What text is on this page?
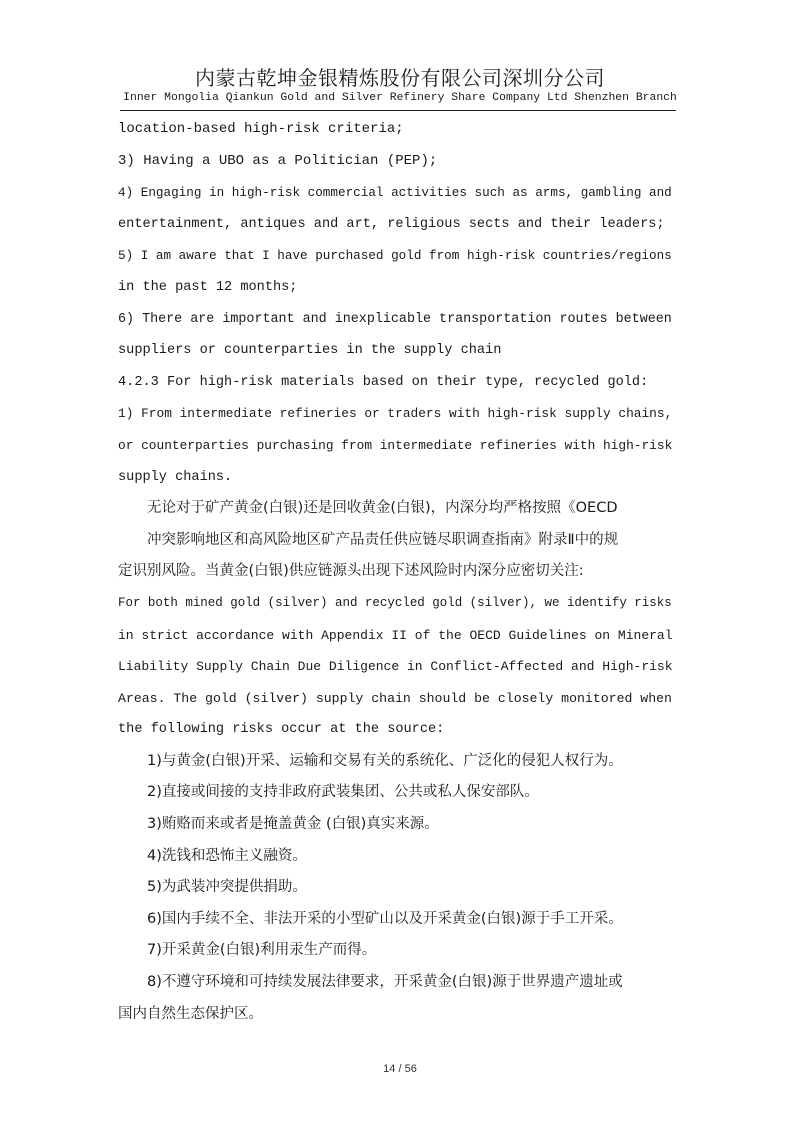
内蒙古乾坤金银精炼股份有限公司深圳分公司
Inner Mongolia Qiankun Gold and Silver Refinery Share Company Ltd Shenzhen Branch

location-based high-risk criteria;

3) Having a UBO as a Politician (PEP);

4) Engaging in high-risk commercial activities such as arms, gambling and

entertainment, antiques and art, religious sects and their leaders;

5) I am aware that I have purchased gold from high-risk countries/regions

in the past 12 months;

6) There are important and inexplicable transportation routes between

suppliers or counterparties in the supply chain

4.2.3 For high-risk materials based on their type, recycled gold:

1) From intermediate refineries or traders with high-risk supply chains,

or counterparties purchasing from intermediate refineries with high-risk

supply chains.

无论对于矿产黄金(白银)还是回收黄金(白银)，内深分均严格按照《OECD

冲突影响地区和高风险地区矿产品责任供应链尽职调查指南》附录Ⅱ中的规

定识别风险。当黄金(白银)供应链源头出现下述风险时内深分应密切关注:

For both mined gold (silver) and recycled gold (silver), we identify risks

in strict accordance with Appendix II of the OECD Guidelines on Mineral

Liability Supply Chain Due Diligence in Conflict-Affected and High-risk

Areas. The gold (silver) supply chain should be closely monitored when

the following risks occur at the source:

1)与黄金(白银)开采、运输和交易有关的系统化、广泛化的侵犯人权行为。

2)直接或间接的支持非政府武装集团、公共或私人保安部队。

3)贿赂而来或者是掩盖黄金 (白银)真实来源。

4)洗钱和恐怖主义融资。

5)为武装冲突提供捐助。

6)国内手续不全、非法开采的小型矿山以及开采黄金(白银)源于手工开采。

7)开采黄金(白银)利用汞生产而得。

8)不遵守环境和可持续发展法律要求，开采黄金(白银)源于世界遗产遗址或

国内自然生态保护区。

14 / 56
